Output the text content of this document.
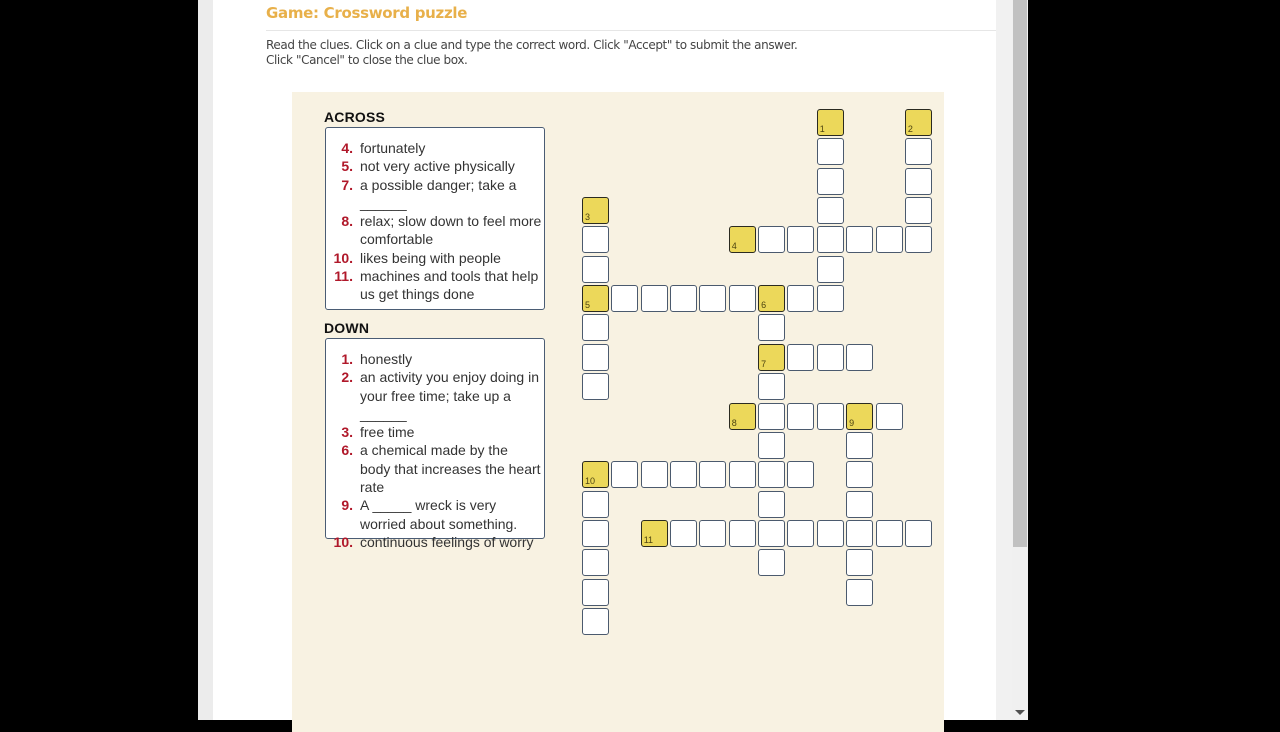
Game: Crossword puzzle
Read the clues. Click on a clue and type the correct word. Click "Accept" to submit the answer. Click "Cancel" to close the clue box.
ACROSS
4. fortunately
5. not very active physically
7. a possible danger; take a ______
8. relax; slow down to feel more comfortable
10. likes being with people
11. machines and tools that help us get things done
DOWN
1. honestly
2. an activity you enjoy doing in your free time; take up a ______
3. free time
6. a chemical made by the body that increases the heart rate
9. A _____ wreck is very worried about something.
10. continuous feelings of worry
1	2
3
5
4
6
7
8	9
10
11
